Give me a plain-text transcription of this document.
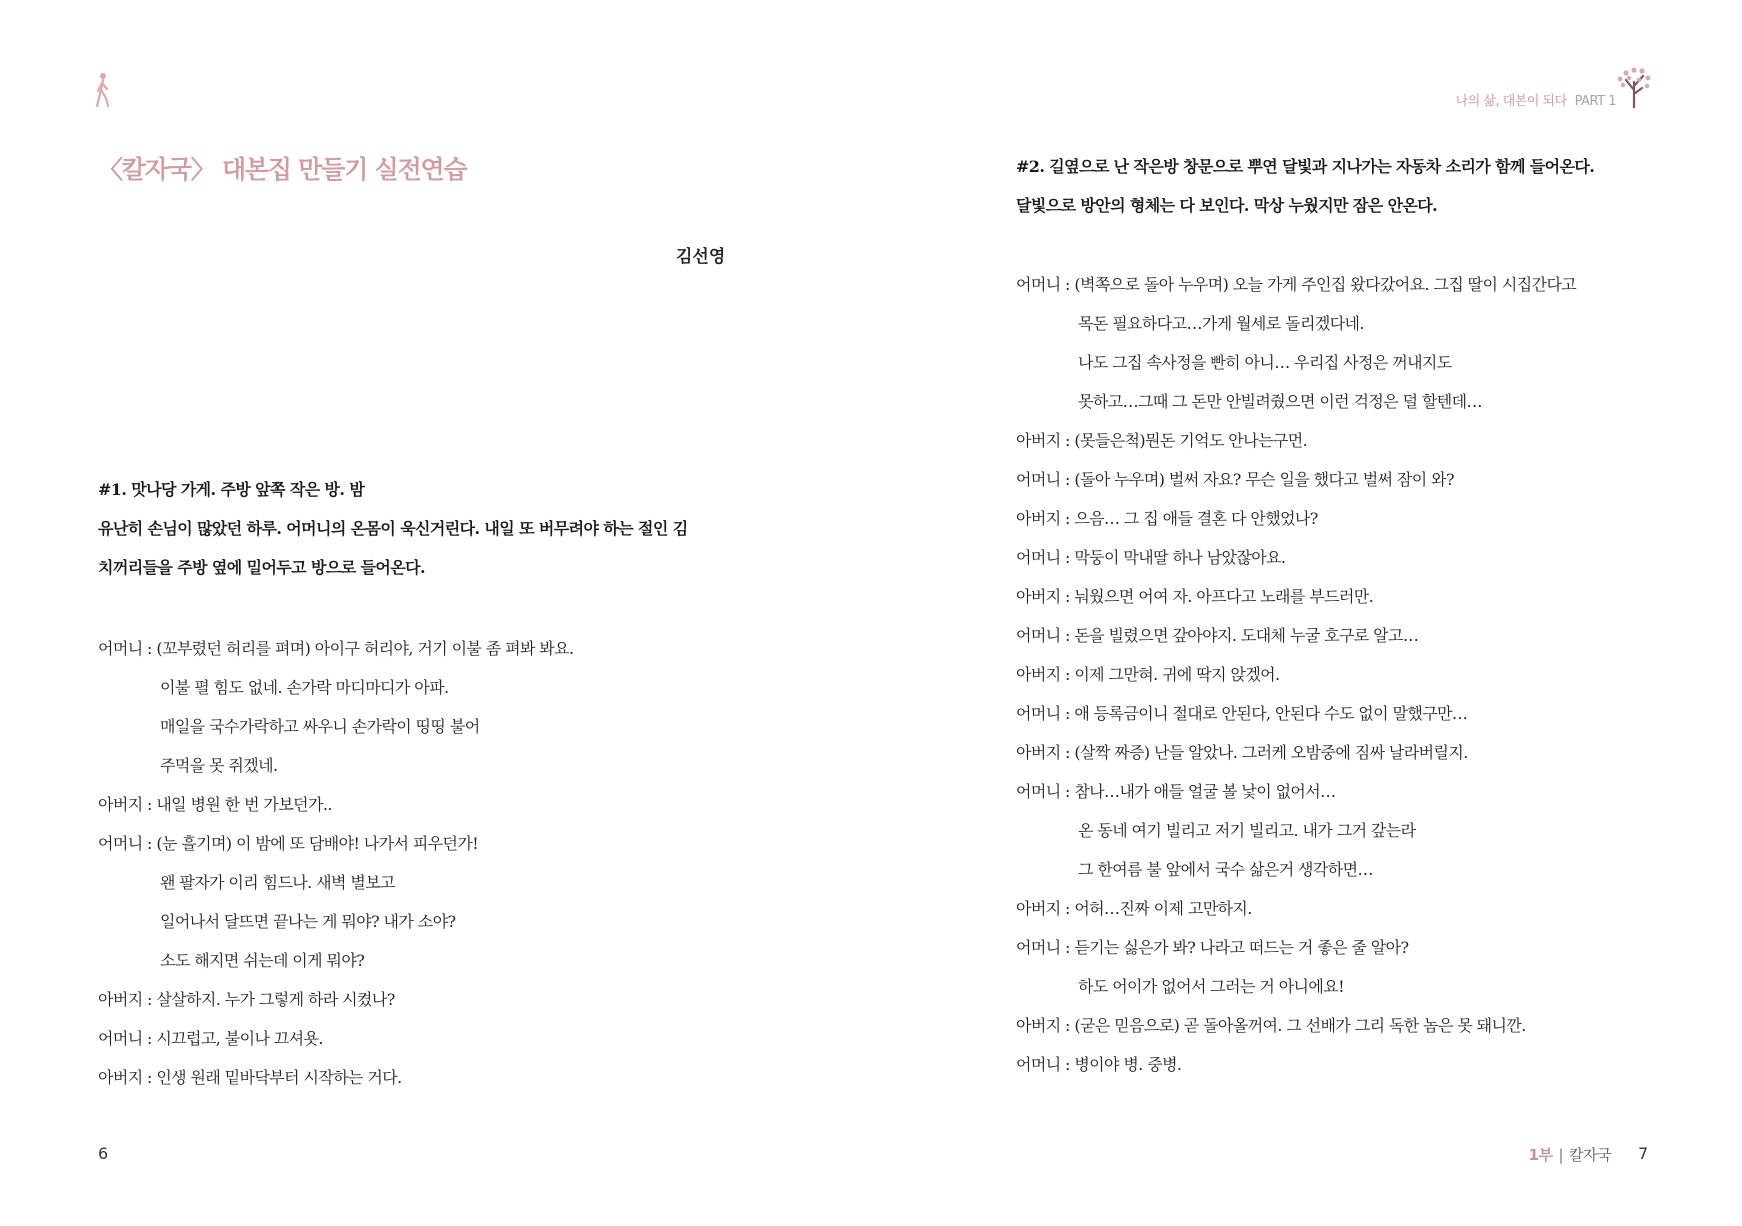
〈칼자국〉 대본집 만들기 실전연습
김선영
#1. 맛나당 가게. 주방 앞쪽 작은 방. 밤
유난히 손님이 많았던 하루. 어머니의 온몸이 욱신거린다. 내일 또 버무려야 하는 절인 김
치꺼리들을 주방 옆에 밀어두고 방으로 들어온다.
어머니 : (꼬부렸던 허리를 펴며) 아이구 허리야, 거기 이불 좀 펴봐 봐요.
이불 펼 힘도 없네. 손가락 마디마디가 아파.
매일을 국수가락하고 싸우니 손가락이 띵띵 불어
주먹을 못 쥐겠네.
아버지 : 내일 병원 한 번 가보던가..
어머니 : (눈 흘기며) 이 밤에 또 담배야! 나가서 피우던가!
왠 팔자가 이리 힘드나. 새벽 별보고
일어나서 달뜨면 끝나는 게 뭐야? 내가 소야?
소도 해지면 쉬는데 이게 뭐야?
아버지 : 살살하지. 누가 그렇게 하라 시켰나?
어머니 : 시끄럽고, 불이나 끄셔욧.
아버지 : 인생 원래 밑바닥부터 시작하는 거다.
6
나의 삶, 대본이 되다 PART 1
#2. 길옆으로 난 작은방 창문으로 뿌연 달빛과 지나가는 자동차 소리가 함께 들어온다.
달빛으로 방안의 형체는 다 보인다. 막상 누웠지만 잠은 안온다.
어머니 : (벽쪽으로 돌아 누우며) 오늘 가게 주인집 왔다갔어요. 그집 딸이 시집간다고
목돈 필요하다고…가게 월세로 돌리겠다네.
나도 그집 속사정을 빤히 아니… 우리집 사정은 꺼내지도
못하고…그때 그 돈만 안빌려줬으면 이런 걱정은 덜 할텐데…
아버지 : (못들은척)뭔돈 기억도 안나는구먼.
어머니 : (돌아 누우며) 벌써 자요? 무슨 일을 했다고 벌써 잠이 와?
아버지 : 으음… 그 집 애들 결혼 다 안했었나?
어머니 : 막둥이 막내딸 하나 남았잖아요.
아버지 : 눠웠으면 어여 자. 아프다고 노래를 부드러만.
어머니 : 돈을 빌렸으면 갚아야지. 도대체 누굴 호구로 알고…
아버지 : 이제 그만혀. 귀에 딱지 앉겠어.
어머니 : 애 등록금이니 절대로 안된다, 안된다 수도 없이 말했구만…
아버지 : (살짝 짜증) 난들 알았나. 그러케 오밤중에 짐싸 날라버릴지.
어머니 : 참나…내가 애들 얼굴 볼 낯이 없어서…
온 동네 여기 빌리고 저기 빌리고. 내가 그거 갚는라
그 한여름 불 앞에서 국수 삶은거 생각하면…
아버지 : 어허…진짜 이제 고만하지.
어머니 : 듣기는 싫은가 봐? 나라고 떠드는 거 좋은 줄 알아?
하도 어이가 없어서 그러는 거 아니에요!
아버지 : (굳은 믿음으로) 곧 돌아올꺼여. 그 선배가 그리 독한 놈은 못 돼니깐.
어머니 : 병이야 병. 중병.
1부 | 칼자국 7
